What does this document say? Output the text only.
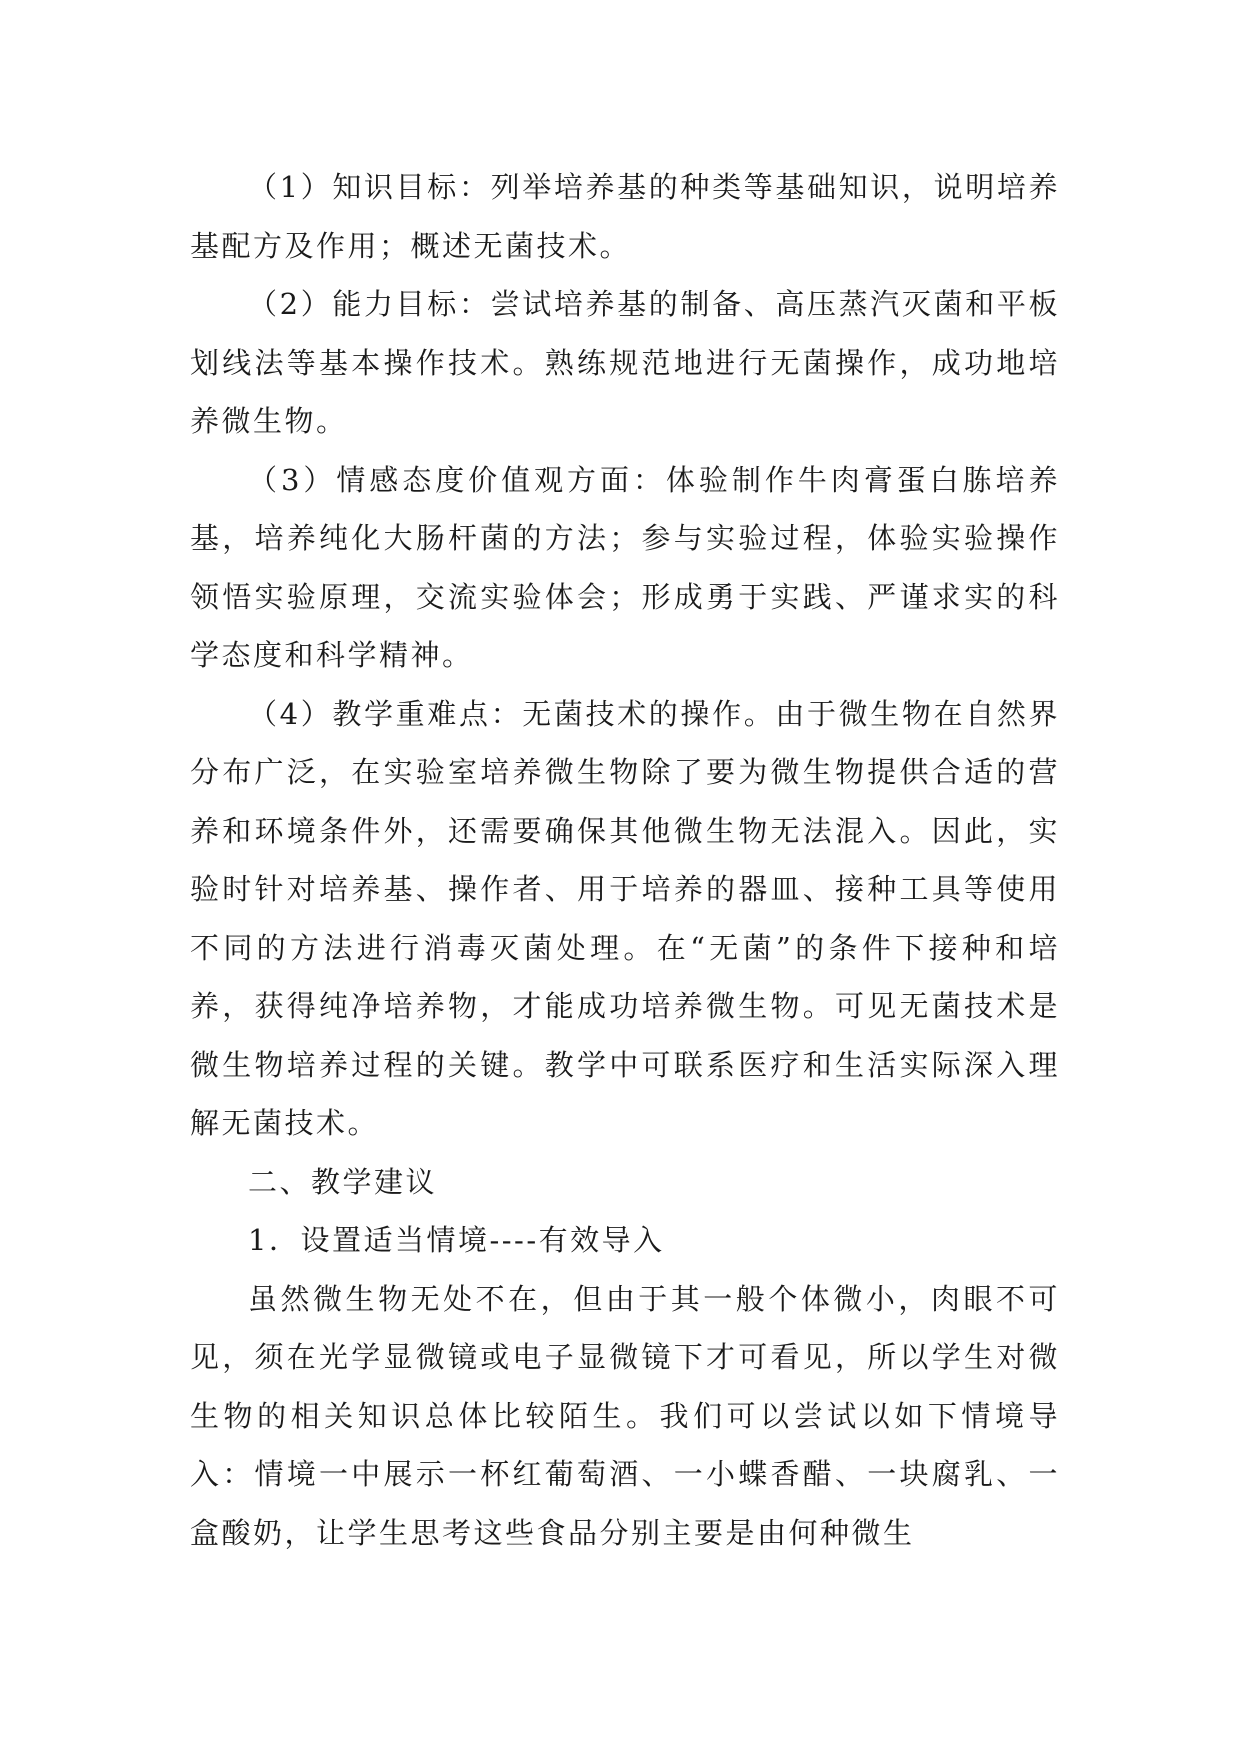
（1）知识目标：列举培养基的种类等基础知识，说明培养基配方及作用；概述无菌技术。

（2）能力目标：尝试培养基的制备、高压蒸汽灭菌和平板划线法等基本操作技术。熟练规范地进行无菌操作，成功地培养微生物。

（3）情感态度价值观方面：体验制作牛肉膏蛋白胨培养基，培养纯化大肠杆菌的方法；参与实验过程，体验实验操作领悟实验原理，交流实验体会；形成勇于实践、严谨求实的科学态度和科学精神。

（4）教学重难点：无菌技术的操作。由于微生物在自然界分布广泛，在实验室培养微生物除了要为微生物提供合适的营养和环境条件外，还需要确保其他微生物无法混入。因此，实验时针对培养基、操作者、用于培养的器皿、接种工具等使用不同的方法进行消毒灭菌处理。在“无菌”的条件下接种和培养，获得纯净培养物，才能成功培养微生物。可见无菌技术是微生物培养过程的关键。教学中可联系医疗和生活实际深入理解无菌技术。

二、教学建议

1．设置适当情境----有效导入

虽然微生物无处不在，但由于其一般个体微小，肉眼不可见，须在光学显微镜或电子显微镜下才可看见，所以学生对微生物的相关知识总体比较陌生。我们可以尝试以如下情境导入：情境一中展示一杯红葡萄酒、一小蝶香醋、一块腐乳、一盒酸奶，让学生思考这些食品分别主要是由何种微生
